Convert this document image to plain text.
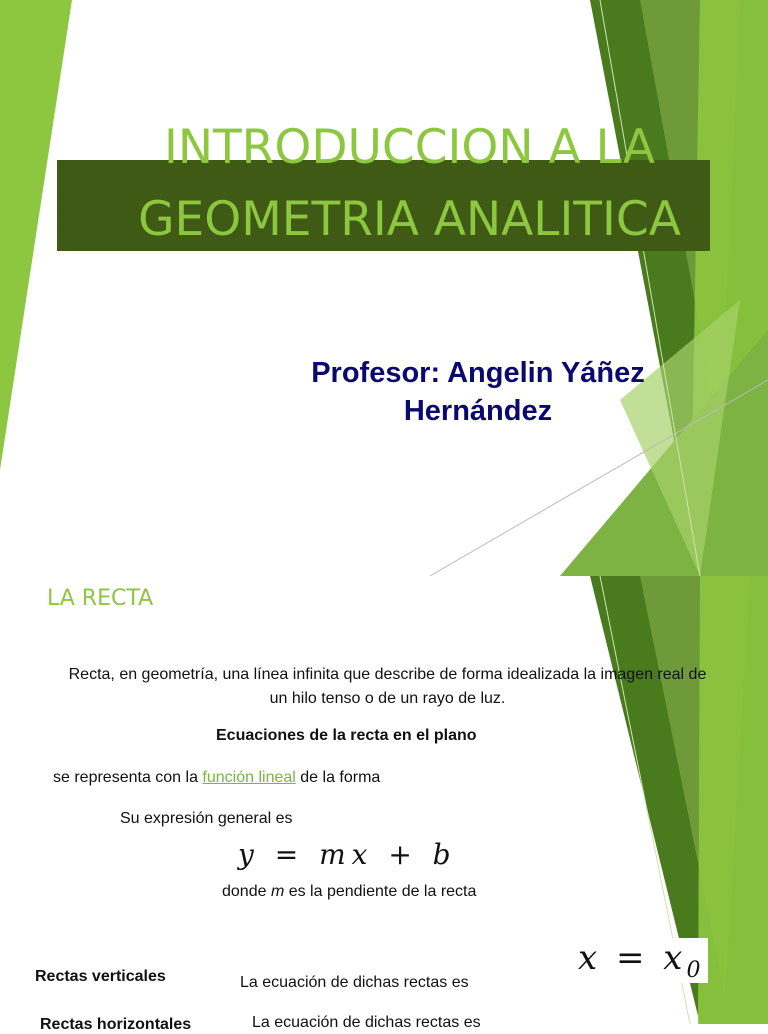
INTRODUCCION A LA
GEOMETRIA ANALITICA
Profesor: Angelin Yáñez
Hernández
LA RECTA
Recta, en geometría, una línea infinita que describe de forma idealizada la imagen real de un hilo tenso o de un rayo de luz.
Ecuaciones de la recta en el plano
se representa con la función lineal de la forma
Su expresión general es
y = mx + b
donde m es la pendiente de la recta
Rectas verticales	La ecuación de dichas rectas es
$x = x_0$
Rectas horizontales	La ecuación de dichas rectas es
